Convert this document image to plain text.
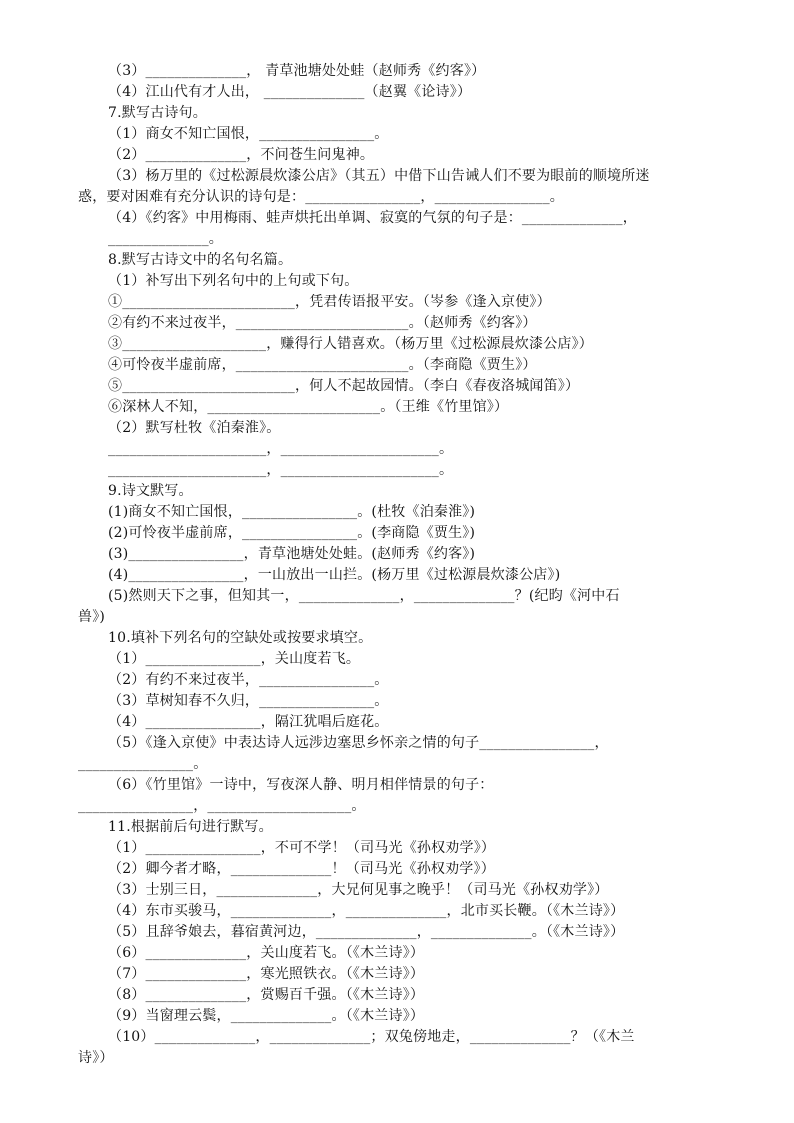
（3）______________， 青草池塘处处蛙（赵师秀《约客》）
（4）江山代有才人出， ______________（赵翼《论诗》）
7.默写古诗句。
（1）商女不知亡国恨，________________。
（2）______________，不问苍生问鬼神。
（3）杨万里的《过松源晨炊漆公店》（其五）中借下山告诫人们不要为眼前的顺境所迷
惑，要对困难有充分认识的诗句是：________________，________________。
（4）《约客》中用梅雨、蛙声烘托出单调、寂寞的气氛的句子是：______________，
______________。
8.默写古诗文中的名句名篇。
（1）补写出下列名句中的上句或下句。
①________________________，凭君传语报平安。（岑参《逢入京使》）
②有约不来过夜半，________________________。（赵师秀《约客》）
③____________________，赚得行人错喜欢。（杨万里《过松源晨炊漆公店》）
④可怜夜半虚前席，________________________。（李商隐《贾生》）
⑤________________________，何人不起故园情。（李白《春夜洛城闻笛》）
⑥深林人不知，________________________。（王维《竹里馆》）
（2）默写杜牧《泊秦淮》。
______________________，______________________。
______________________，______________________。
9.诗文默写。
(1)商女不知亡国恨，________________。(杜牧《泊秦淮》)
(2)可怜夜半虚前席，________________。(李商隐《贾生》)
(3)________________，青草池塘处处蛙。(赵师秀《约客》)
(4)________________，一山放出一山拦。(杨万里《过松源晨炊漆公店》)
(5)然则天下之事，但知其一，______________，______________？(纪昀《河中石
兽》)
10.填补下列名句的空缺处或按要求填空。
（1）________________，关山度若飞。
（2）有约不来过夜半，________________。
（3）草树知春不久归，________________。
（4）________________，隔江犹唱后庭花。
（5）《逢入京使》中表达诗人远涉边塞思乡怀亲之情的句子________________，
________________。
（6）《竹里馆》一诗中，写夜深人静、明月相伴情景的句子：
________________，____________________。
11.根据前后句进行默写。
（1）________________，不可不学！（司马光《孙权劝学》）
（2）卿今者才略，______________！（司马光《孙权劝学》）
（3）士别三日，______________，大兄何见事之晚乎！（司马光《孙权劝学》）
（4）东市买骏马，______________，______________，北市买长鞭。（《木兰诗》）
（5）且辞爷娘去，暮宿黄河边，______________，______________。（《木兰诗》）
（6）______________，关山度若飞。（《木兰诗》）
（7）______________，寒光照铁衣。（《木兰诗》）
（8）______________，赏赐百千强。（《木兰诗》）
（9）当窗理云鬓，______________。（《木兰诗》）
（10）______________，______________；双兔傍地走，______________？（《木兰
诗》）
